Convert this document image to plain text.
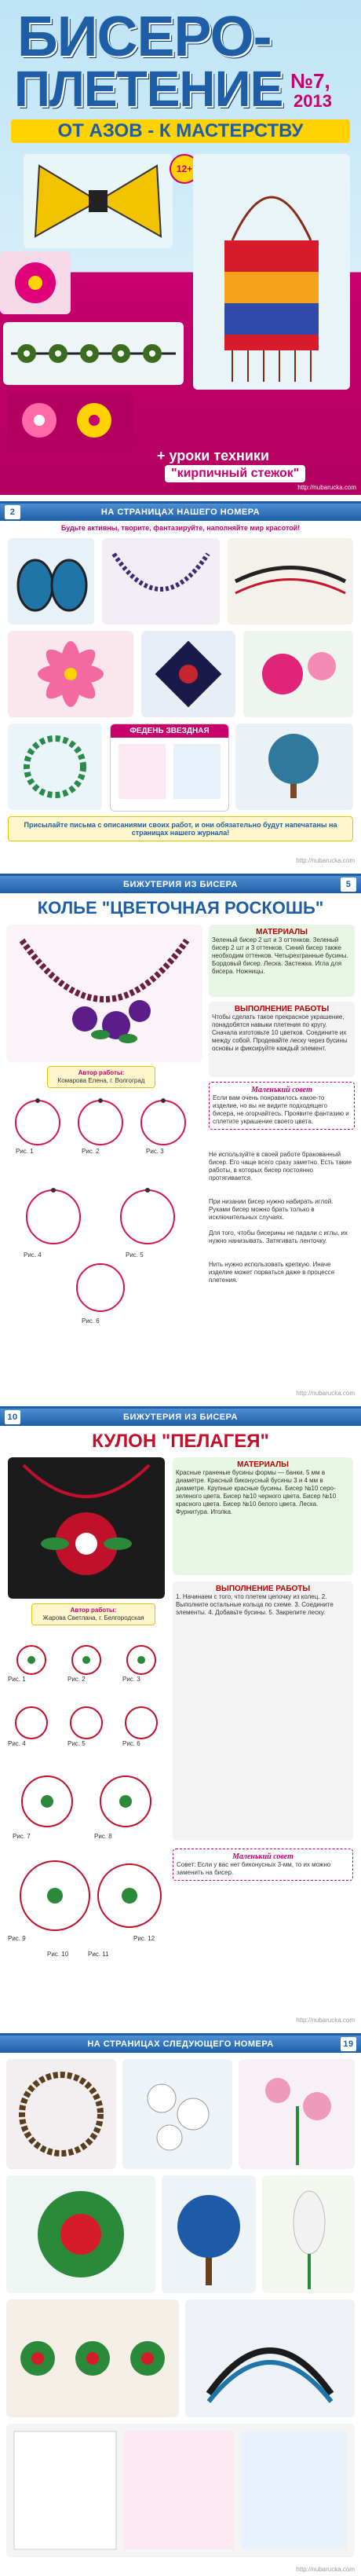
БИСЕРО-
ПЛЕТЕНИЕ №7,
2013
ОТ АЗОВ - К МАСТЕРСТВУ
12+
+ уроки техники
"кирпичный стежок"
http://nubarucka.com
2	НА СТРАНИЦАХ НАШЕГО НОМЕРА
Будьте активны, творите, фантазируйте, наполняйте мир красотой!
ФЕДЕНЬ ЗВЕЗДНАЯ
Присылайте письма с описаниями своих работ, и они обязательно будут напечатаны на страницах нашего журнала!
http://nubarucka.com
БИЖУТЕРИЯ ИЗ БИСЕРА	5
КОЛЬЕ "ЦВЕТОЧНАЯ РОСКОШЬ"
МАТЕРИАЛЫ
Зеленый бисер 2 шт и 3 оттенков. Зеленый бисер 2 шт и 3 оттенков. Синий бисер также необходим оттенков. Четырехгранные бусины. Бордовый бисер. Леска. Застежка. Игла для бисера. Ножницы.
ВЫПОЛНЕНИЕ РАБОТЫ
Чтобы сделать такое прекрасное украшение, понадобятся навыки плетения по кругу. Сначала изготовьте 10 цветков. Соедините их между собой. Продевайте леску через бусины основы и фиксируйте каждый элемент.
Автор работы:
Комарова Елена, г. Волгоград
Рис. 1	Рис. 2	Рис. 3
Рис. 4	Рис. 5
Рис. 6
Маленький совет
Если вам очень понравилось какое-то изделие, но вы не видите подходящего бисера, не огорчайтесь. Проявите фантазию и сплетите украшение своего цвета.
Не используйте в своей работе бракованный бисер. Его чаще всего сразу заметно. Есть такие работы, в которых бисер постоянно протягивается.
При низании бисер нужно набирать иглой. Руками бисер можно брать только в исключительных случаях.
Для того, чтобы бисерины не падали с иглы, их нужно нанизывать. Затягивать ленточку.
Нить нужно использовать крепкую. Иначе изделие может порваться даже в процессе плетения.
http://nubarucka.com
10	БИЖУТЕРИЯ ИЗ БИСЕРА
КУЛОН "ПЕЛАГЕЯ"
Автор работы:
Жарова Светлана, г. Белгородская
МАТЕРИАЛЫ
Красные граненые бусины формы — банки. 5 мм в диаметре. Красный биконусный бусины 3 и 4 мм в диаметре. Крупные красные бусины. Бисер №10 серо-зеленого цвета. Бисер №10 черного цвета. Бисер №10 красного цвета. Бисер №10 белого цвета. Леска. Фурнитура. Иголка.
ВЫПОЛНЕНИЕ РАБОТЫ
1. Начинаем с того, что плетем цепочку из колец. 2. Выполните остальные кольца по схеме. 3. Соедините элементы. 4. Добавьте бусины. 5. Закрепите леску.
Рис. 1	Рис. 2	Рис. 3
Рис. 4	Рис. 5	Рис. 6
Рис. 7	Рис. 8
Рис. 9
Рис. 10	Рис. 11
Рис. 12
Маленький совет
Совет: Если у вас нет биконусных 3-мм, то их можно заменить на бисер.
http://nubarucka.com
НА СТРАНИЦАХ СЛЕДУЮЩЕГО НОМЕРА	19
http://nubarucka.com
